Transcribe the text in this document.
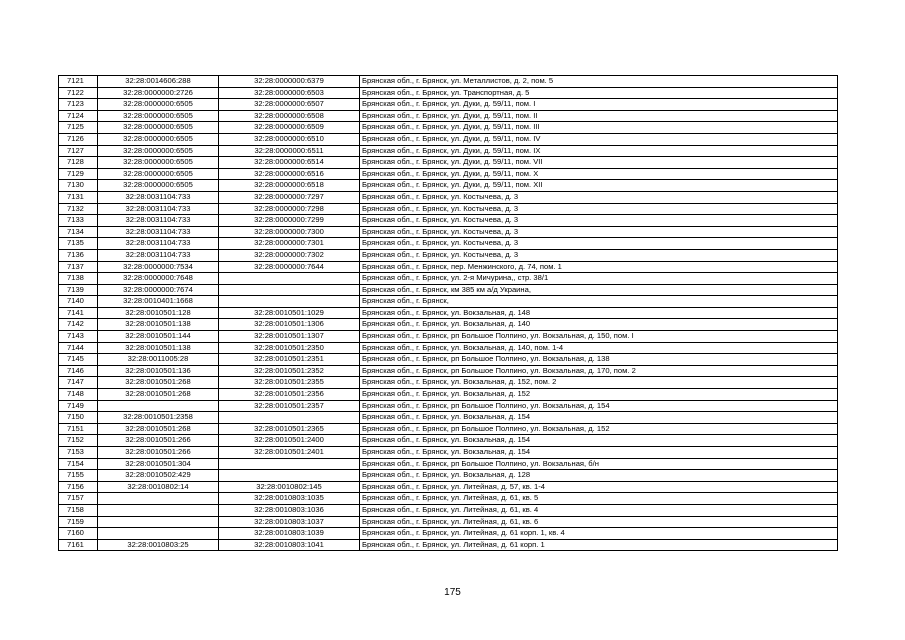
7121	32:28:0014606:288	32:28:0000000:6379	Брянская обл., г. Брянск, ул. Металлистов, д. 2, пом. 5
7122	32:28:0000000:2726	32:28:0000000:6503	Брянская обл., г. Брянск, ул. Транспортная, д. 5
7123	32:28:0000000:6505	32:28:0000000:6507	Брянская обл., г. Брянск, ул. Дуки, д. 59/11, пом. I
7124	32:28:0000000:6505	32:28:0000000:6508	Брянская обл., г. Брянск, ул. Дуки, д. 59/11, пом. II
7125	32:28:0000000:6505	32:28:0000000:6509	Брянская обл., г. Брянск, ул. Дуки, д. 59/11, пом. III
7126	32:28:0000000:6505	32:28:0000000:6510	Брянская обл., г. Брянск, ул. Дуки, д. 59/11, пом. IV
7127	32:28:0000000:6505	32:28:0000000:6511	Брянская обл., г. Брянск, ул. Дуки, д. 59/11, пом. IX
7128	32:28:0000000:6505	32:28:0000000:6514	Брянская обл., г. Брянск, ул. Дуки, д. 59/11, пом. VII
7129	32:28:0000000:6505	32:28:0000000:6516	Брянская обл., г. Брянск, ул. Дуки, д. 59/11, пом. X
7130	32:28:0000000:6505	32:28:0000000:6518	Брянская обл., г. Брянск, ул. Дуки, д. 59/11, пом. XII
7131	32:28:0031104:733	32:28:0000000:7297	Брянская обл., г. Брянск, ул. Костычева, д. 3
7132	32:28:0031104:733	32:28:0000000:7298	Брянская обл., г. Брянск, ул. Костычева, д. 3
7133	32:28:0031104:733	32:28:0000000:7299	Брянская обл., г. Брянск, ул. Костычева, д. 3
7134	32:28:0031104:733	32:28:0000000:7300	Брянская обл., г. Брянск, ул. Костычева, д. 3
7135	32:28:0031104:733	32:28:0000000:7301	Брянская обл., г. Брянск, ул. Костычева, д. 3
7136	32:28:0031104:733	32:28:0000000:7302	Брянская обл., г. Брянск, ул. Костычева, д. 3
7137	32:28:0000000:7534	32:28:0000000:7644	Брянская обл., г. Брянск, пер. Менжинского, д. 74, пом. 1
7138	32:28:0000000:7648		Брянская обл., г. Брянск, ул. 2-я Мичурина,, стр. 38/1
7139	32:28:0000000:7674		Брянская обл., г. Брянск, км 385 км а/д Украина,
7140	32:28:0010401:1668		Брянская обл., г. Брянск,
7141	32:28:0010501:128	32:28:0010501:1029	Брянская обл., г. Брянск, ул. Вокзальная, д. 148
7142	32:28:0010501:138	32:28:0010501:1306	Брянская обл., г. Брянск, ул. Вокзальная, д. 140
7143	32:28:0010501:144	32:28:0010501:1307	Брянская обл., г. Брянск, рп Большое Полпино, ул. Вокзальная, д. 150, пом. I
7144	32:28:0010501:138	32:28:0010501:2350	Брянская обл., г. Брянск, ул. Вокзальная, д. 140, пом. 1-4
7145	32:28:0011005:28	32:28:0010501:2351	Брянская обл., г. Брянск, рп Большое Полпино, ул. Вокзальная, д. 138
7146	32:28:0010501:136	32:28:0010501:2352	Брянская обл., г. Брянск, рп Большое Полпино, ул. Вокзальная, д. 170, пом. 2
7147	32:28:0010501:268	32:28:0010501:2355	Брянская обл., г. Брянск, ул. Вокзальная, д. 152, пом. 2
7148	32:28:0010501:268	32:28:0010501:2356	Брянская обл., г. Брянск, ул. Вокзальная, д. 152
7149		32:28:0010501:2357	Брянская обл., г. Брянск, рп Большое Полпино, ул. Вокзальная, д. 154
7150	32:28:0010501:2358		Брянская обл., г. Брянск, ул. Вокзальная, д. 154
7151	32:28:0010501:268	32:28:0010501:2365	Брянская обл., г. Брянск, рп Большое Полпино, ул. Вокзальная, д. 152
7152	32:28:0010501:266	32:28:0010501:2400	Брянская обл., г. Брянск, ул. Вокзальная, д. 154
7153	32:28:0010501:266	32:28:0010501:2401	Брянская обл., г. Брянск, ул. Вокзальная, д. 154
7154	32:28:0010501:304		Брянская обл., г. Брянск, рп Большое Полпино, ул. Вокзальная, б/н
7155	32:28:0010502:429		Брянская обл., г. Брянск, ул. Вокзальная, д. 128
7156	32:28:0010802:14	32:28:0010802:145	Брянская обл., г. Брянск, ул. Литейная, д. 57, кв. 1-4
7157		32:28:0010803:1035	Брянская обл., г. Брянск, ул. Литейная, д. 61, кв. 5
7158		32:28:0010803:1036	Брянская обл., г. Брянск, ул. Литейная, д. 61, кв. 4
7159		32:28:0010803:1037	Брянская обл., г. Брянск, ул. Литейная, д. 61, кв. 6
7160		32:28:0010803:1039	Брянская обл., г. Брянск, ул. Литейная, д. 61 корп. 1, кв. 4
7161	32:28:0010803:25	32:28:0010803:1041	Брянская обл., г. Брянск, ул. Литейная, д. 61 корп. 1
175
